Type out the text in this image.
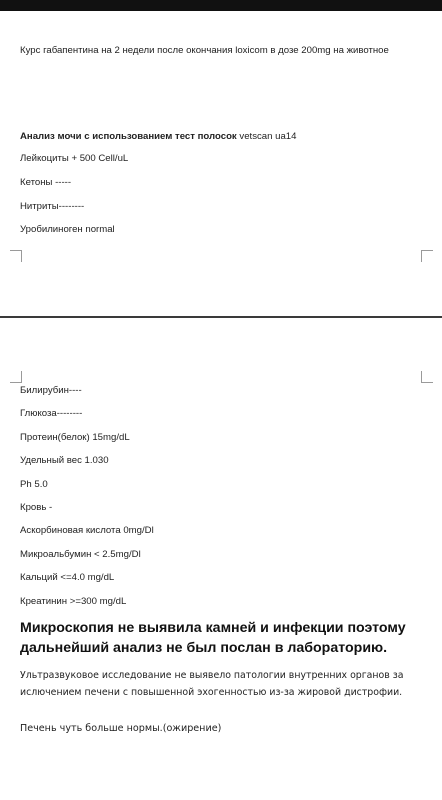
Курс габапентина на 2 недели после окончания loxicom в дозе 200mg на животное
Анализ мочи с использованием тест полосок vetscan ua14
Лейкоциты + 500 Cell/uL
Кетоны -----
Нитриты--------
Уробилиноген normal
Билирубин----
Глюкоза--------
Протеин(белок) 15mg/dL
Удельный вес 1.030
Ph 5.0
Кровь -
Аскорбиновая кислота 0mg/Dl
Микроальбумин < 2.5mg/Dl
Кальций <=4.0 mg/dL
Креатинин >=300 mg/dL
Микроскопия не выявила камней и инфекции поэтому дальнейший анализ не был послан в лабораторию.
Ультразвуковое исследование не выявело патологии внутренних органов за ислючением печени с повышенной эхогенностью из-за жировой дистрофии.
Печень чуть больше нормы.(ожирение)
